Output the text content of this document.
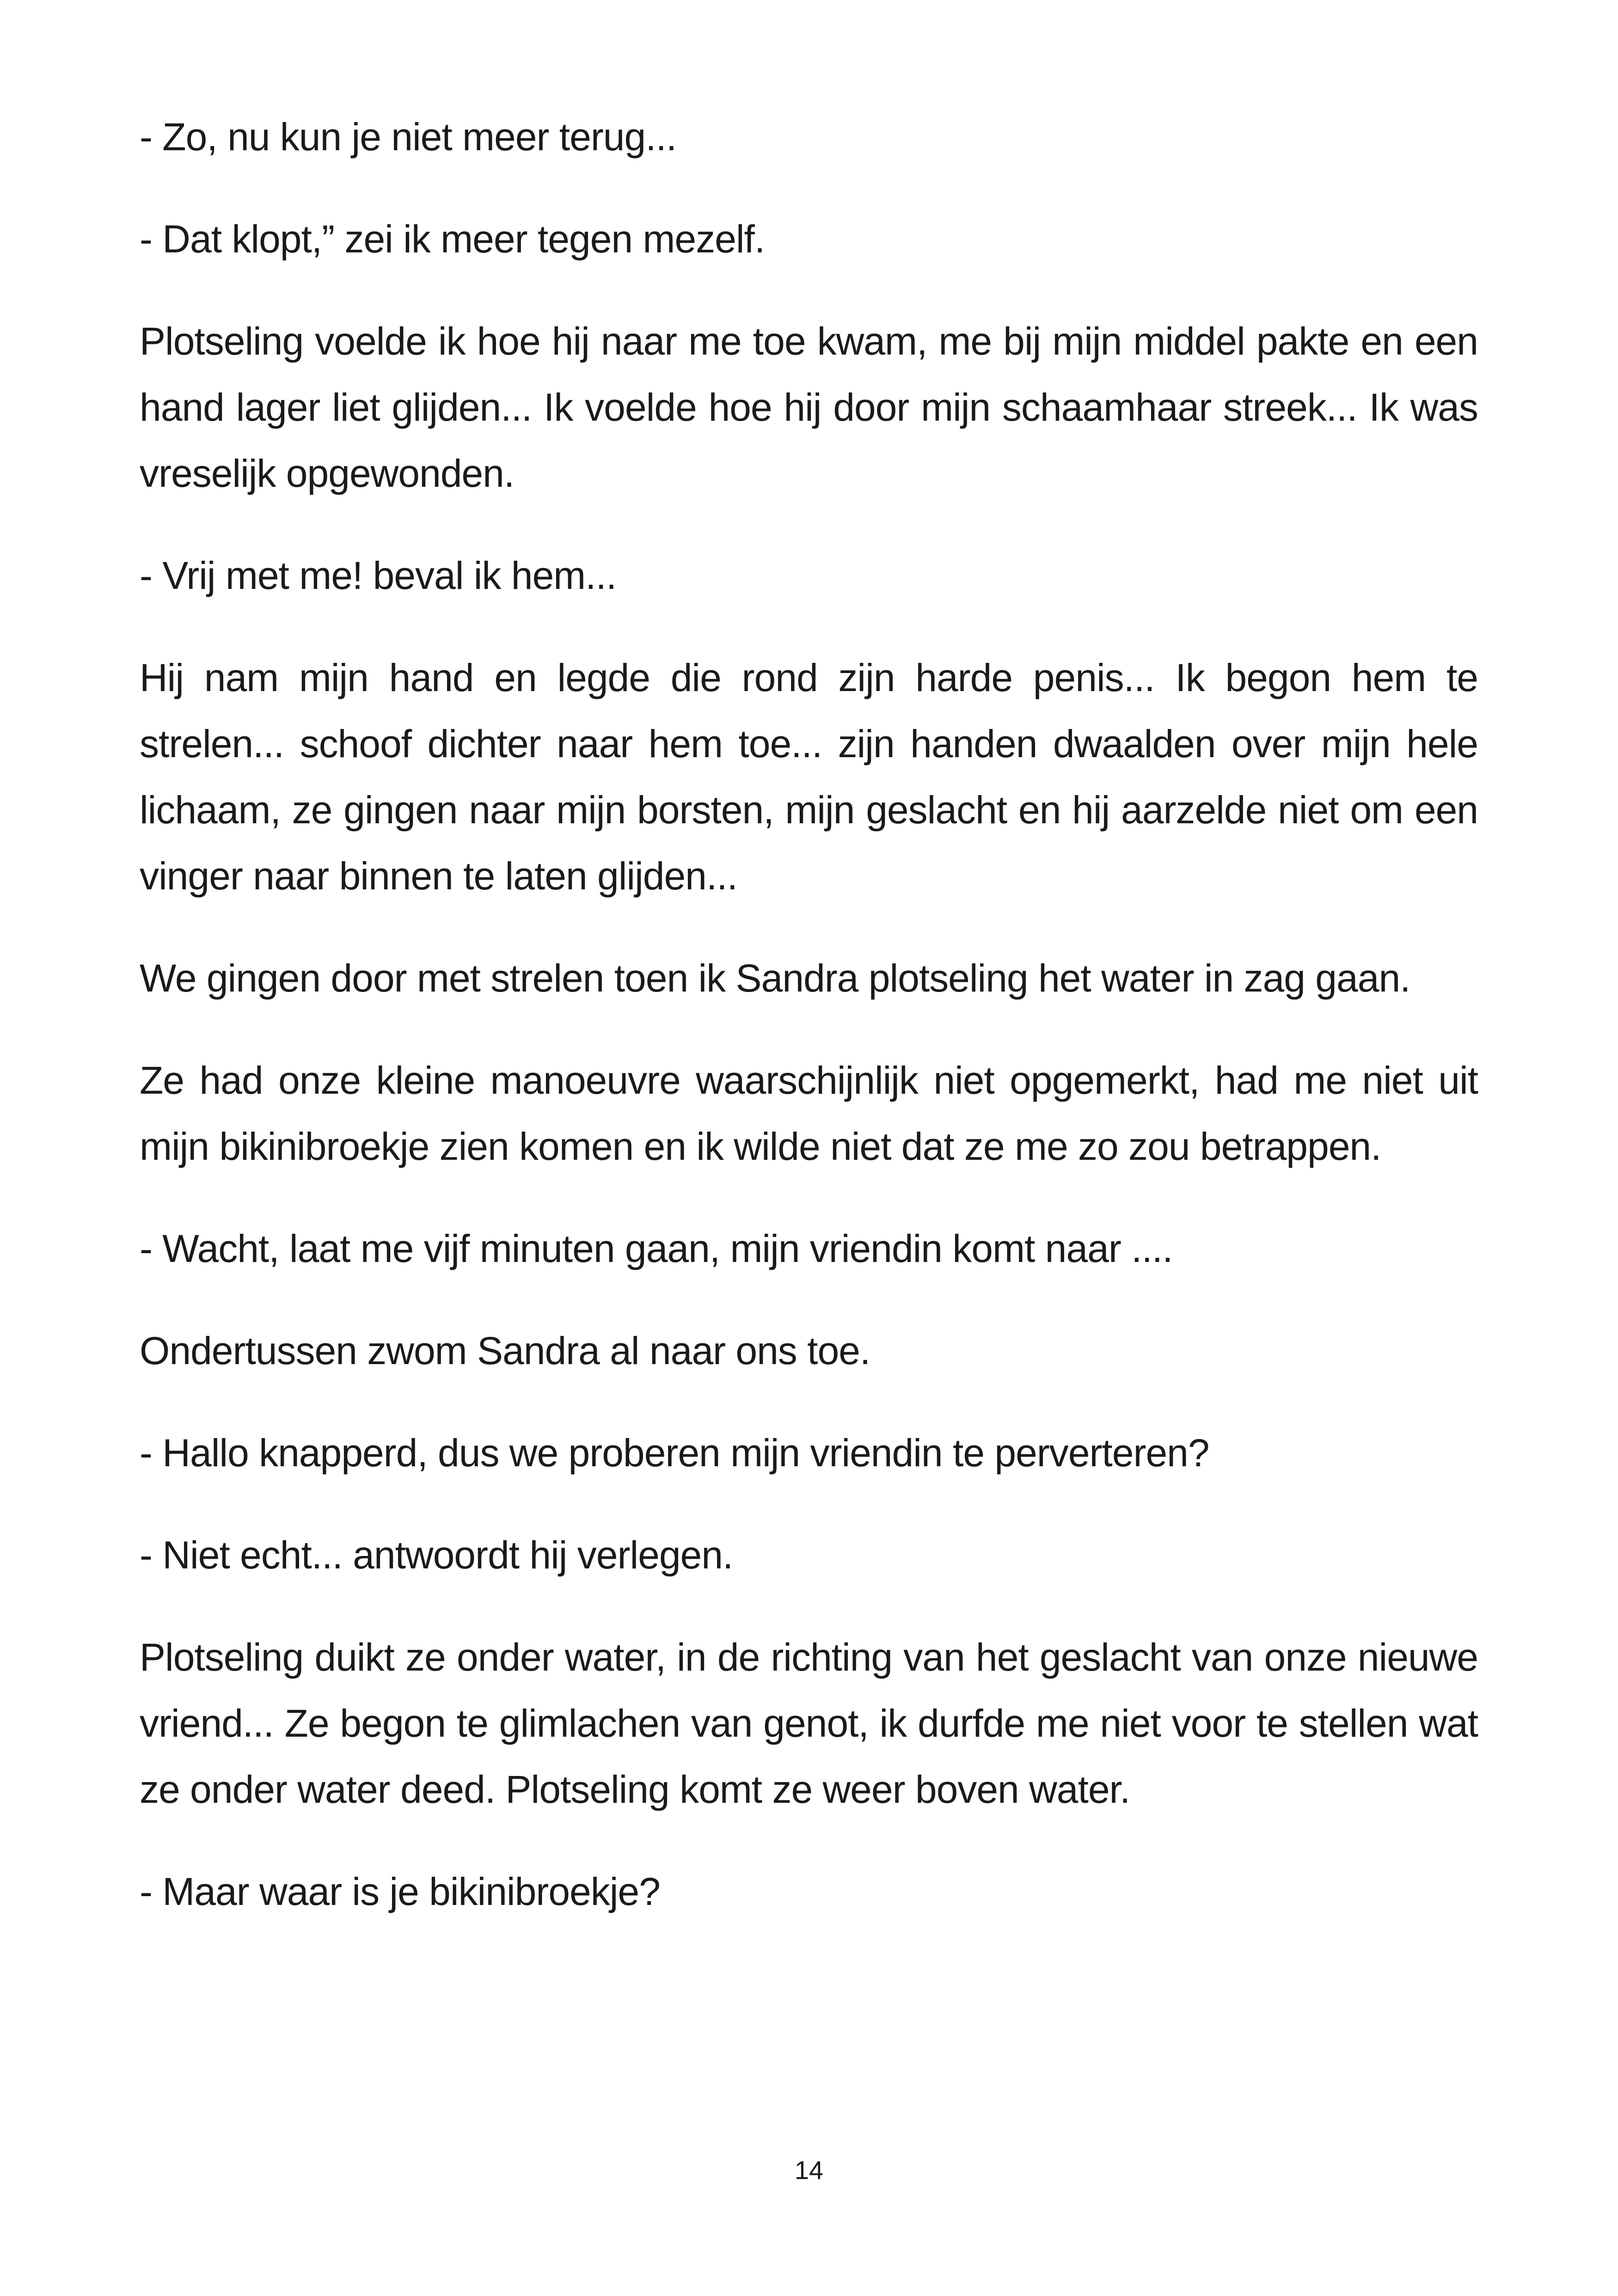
- Zo, nu kun je niet meer terug...

- Dat klopt,” zei ik meer tegen mezelf.

Plotseling voelde ik hoe hij naar me toe kwam, me bij mijn middel pakte en een hand lager liet glijden... Ik voelde hoe hij door mijn schaamhaar streek... Ik was vreselijk opgewonden.

- Vrij met me! beval ik hem...

Hij nam mijn hand en legde die rond zijn harde penis... Ik begon hem te strelen... schoof dichter naar hem toe... zijn handen dwaalden over mijn hele lichaam, ze gingen naar mijn borsten, mijn geslacht en hij aarzelde niet om een vinger naar binnen te laten glijden...

We gingen door met strelen toen ik Sandra plotseling het water in zag gaan.

Ze had onze kleine manoeuvre waarschijnlijk niet opgemerkt, had me niet uit mijn bikinibroekje zien komen en ik wilde niet dat ze me zo zou betrappen.

- Wacht, laat me vijf minuten gaan, mijn vriendin komt naar ....

Ondertussen zwom Sandra al naar ons toe.

- Hallo knapperd, dus we proberen mijn vriendin te perverteren?

- Niet echt... antwoordt hij verlegen.

Plotseling duikt ze onder water, in de richting van het geslacht van onze nieuwe vriend... Ze begon te glimlachen van genot, ik durfde me niet voor te stellen wat ze onder water deed. Plotseling komt ze weer boven water.

- Maar waar is je bikinibroekje?

14
